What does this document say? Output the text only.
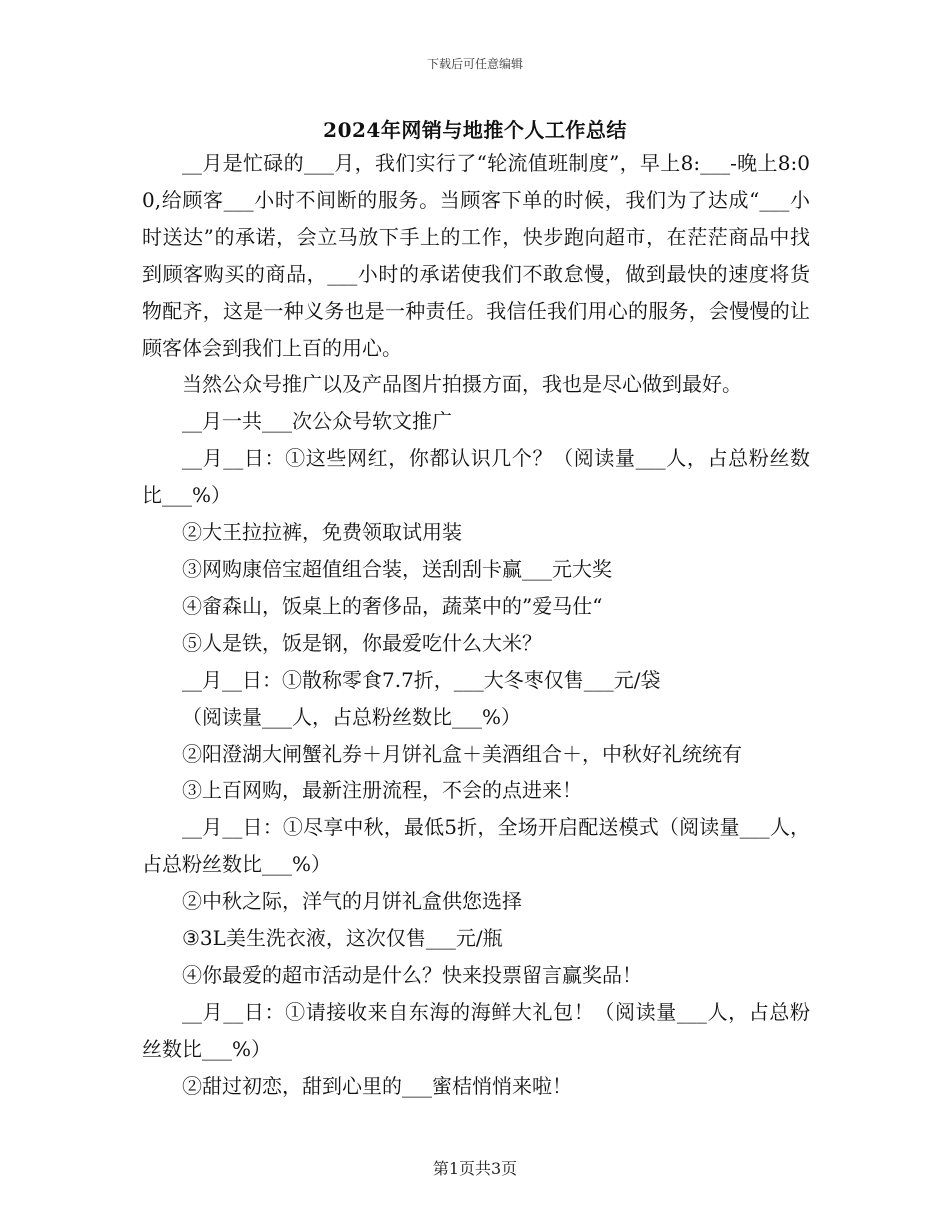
下载后可任意编辑
2024年网销与地推个人工作总结

__月是忙碌的___月，我们实行了“轮流值班制度”，早上8:___-晚上8:00,给顾客___小时不间断的服务。当顾客下单的时候，我们为了达成“___小时送达”的承诺，会立马放下手上的工作，快步跑向超市，在茫茫商品中找到顾客购买的商品，___小时的承诺使我们不敢怠慢，做到最快的速度将货物配齐，这是一种义务也是一种责任。我信任我们用心的服务，会慢慢的让顾客体会到我们上百的用心。

当然公众号推广以及产品图片拍摄方面，我也是尽心做到最好。

__月一共___次公众号软文推广

__月__日：①这些网红，你都认识几个？（阅读量___人，占总粉丝数比___%）

②大王拉拉裤，免费领取试用装

③网购康倍宝超值组合装，送刮刮卡赢___元大奖

④畲森山，饭桌上的奢侈品，蔬菜中的”爱马仕“

⑤人是铁，饭是钢，你最爱吃什么大米？

__月__日：①散称零食7.7折，___大冬枣仅售___元/袋

（阅读量___人，占总粉丝数比___%）

②阳澄湖大闸蟹礼券＋月饼礼盒＋美酒组合＋，中秋好礼统统有

③上百网购，最新注册流程，不会的点进来！

__月__日：①尽享中秋，最低5折，全场开启配送模式（阅读量___人，占总粉丝数比___%）

②中秋之际，洋气的月饼礼盒供您选择

③3L美生洗衣液，这次仅售___元/瓶

④你最爱的超市活动是什么？快来投票留言赢奖品！

__月__日：①请接收来自东海的海鲜大礼包！（阅读量___人，占总粉丝数比___%）

②甜过初恋，甜到心里的___蜜桔悄悄来啦！

第1页共3页
